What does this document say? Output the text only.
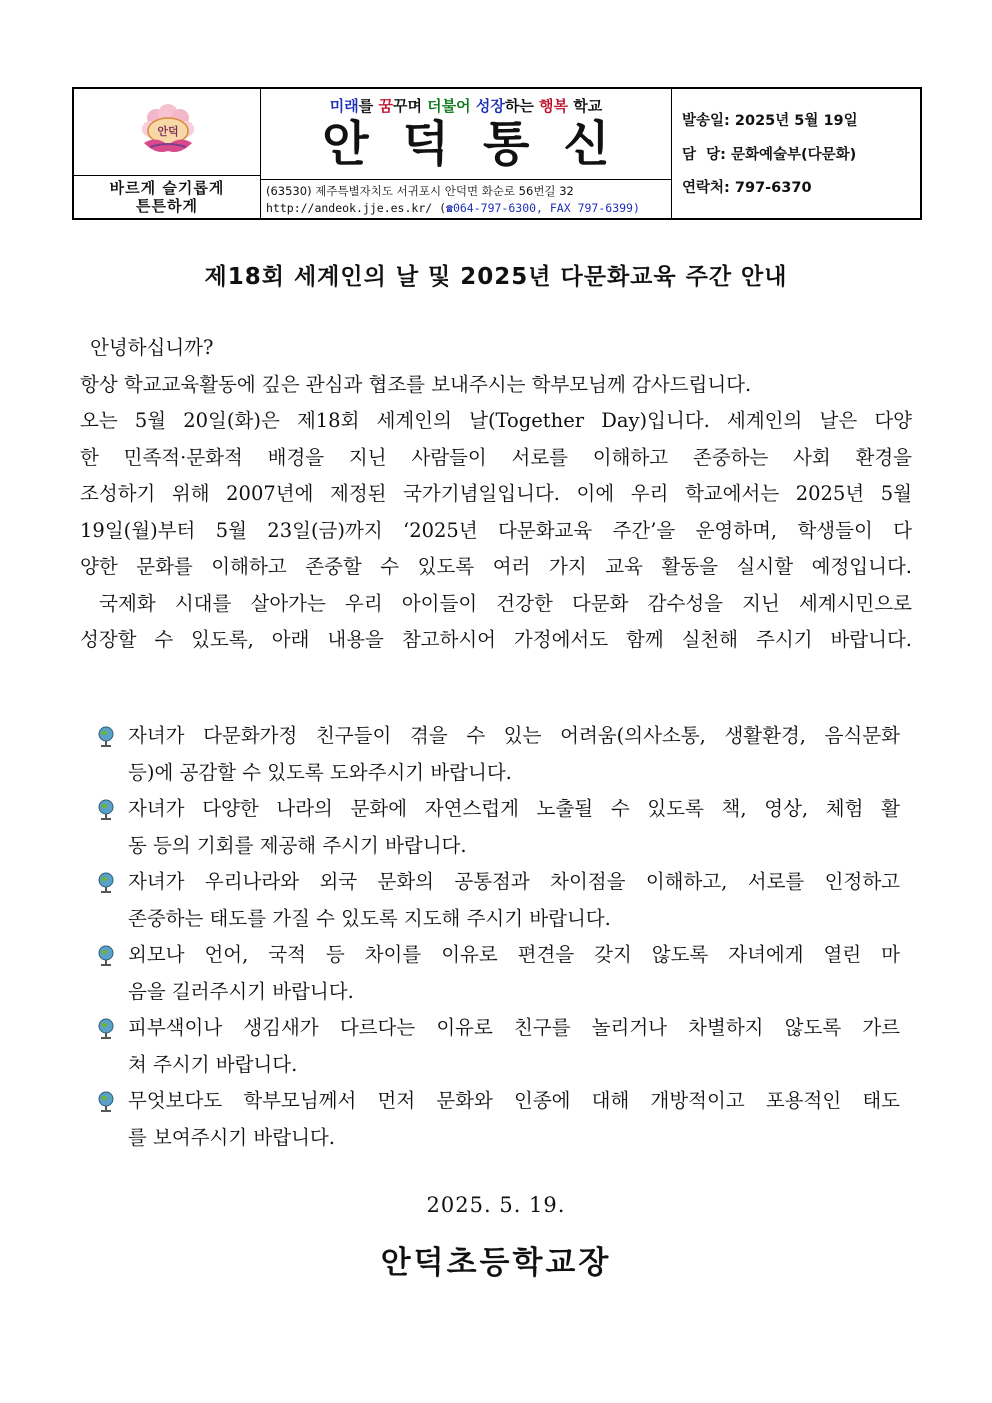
안덕
바르게 슬기롭게
튼튼하게
미래를 꿈꾸며 더불어 성장하는 행복 학교
안덕통신
(63530) 제주특별자치도 서귀포시 안덕면 화순로 56번길 32
http://andeok.jje.es.kr/ (☎064-797-6300, FAX 797-6399)
발송일: 2025년 5월 19일
담  당: 문화예술부(다문화)
연락처: 797-6370
제18회 세계인의 날 및 2025년 다문화교육 주간 안내
안녕하십니까?
항상 학교교육활동에 깊은 관심과 협조를 보내주시는 학부모님께 감사드립니다.
오는 5월 20일(화)은 제18회 세계인의 날(Together Day)입니다. 세계인의 날은 다양
한 민족적·문화적 배경을 지닌 사람들이 서로를 이해하고 존중하는 사회 환경을
조성하기 위해 2007년에 제정된 국가기념일입니다. 이에 우리 학교에서는 2025년 5월
19일(월)부터 5월 23일(금)까지 ‘2025년 다문화교육 주간’을 운영하며, 학생들이 다
양한 문화를 이해하고 존중할 수 있도록 여러 가지 교육 활동을 실시할 예정입니다.
국제화 시대를 살아가는 우리 아이들이 건강한 다문화 감수성을 지닌 세계시민으로
성장할 수 있도록, 아래 내용을 참고하시어 가정에서도 함께 실천해 주시기 바랍니다.
자녀가 다문화가정 친구들이 겪을 수 있는 어려움(의사소통, 생활환경, 음식문화
등)에 공감할 수 있도록 도와주시기 바랍니다.
자녀가 다양한 나라의 문화에 자연스럽게 노출될 수 있도록 책, 영상, 체험 활
동 등의 기회를 제공해 주시기 바랍니다.
자녀가 우리나라와 외국 문화의 공통점과 차이점을 이해하고, 서로를 인정하고
존중하는 태도를 가질 수 있도록 지도해 주시기 바랍니다.
외모나 언어, 국적 등 차이를 이유로 편견을 갖지 않도록 자녀에게 열린 마
음을 길러주시기 바랍니다.
피부색이나 생김새가 다르다는 이유로 친구를 놀리거나 차별하지 않도록 가르
쳐 주시기 바랍니다.
무엇보다도 학부모님께서 먼저 문화와 인종에 대해 개방적이고 포용적인 태도
를 보여주시기 바랍니다.
2025. 5. 19.
안덕초등학교장
